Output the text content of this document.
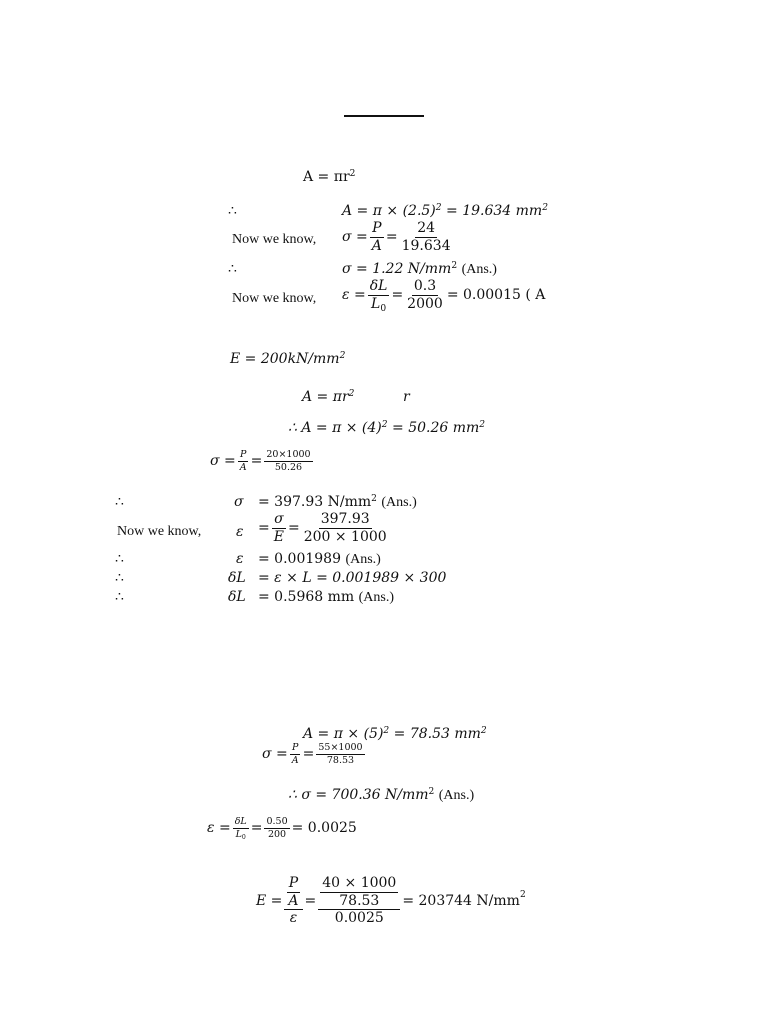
$A = \pi r^2$
∴	$A = \pi \times (2.5)^2 = 19.634$ $mm^2$
Now we know, $\sigma = \frac{P}{A} = \frac{24}{19.634}$
∴	σ = 1.22 $N/mm^2$ (Ans.)
Now we know, $\varepsilon = \frac{\delta L}{L_0} = \frac{0.3}{2000} = 0.00015$ ( A
$E = 200kN/mm^2$
$A = \pi r^2$	r
∴ $A = \pi \times (4)^2 = 50.26$ $mm^2$
$\sigma = \frac{P}{A} = \frac{20\times 1000}{50.26}$
∴	σ = 397.93 $N/mm^2$ (Ans.)
Now we know, $\varepsilon = \frac{\sigma}{E} = \frac{397.93}{200 \times 1000}$
∴	ε = 0.001989 (Ans.)
∴	δL = ε × L = 0.001989 × 300
∴	δL = 0.5968 mm (Ans.)
$A = \pi \times (5)^2 = 78.53$ $mm^2$
$\sigma = \frac{P}{A} = \frac{55\times 1000}{78.53}$
∴ σ = 700.36 $N/mm^2$ (Ans.)
$\varepsilon = \frac{\delta L}{L_0} = \frac{0.50}{200} = 0.0025$
$E = \frac{\frac{P}{A}}{\varepsilon} = \frac{\frac{40 \times 1000}{78.53}}{0.0025} = 203744$ $N/mm^2$
